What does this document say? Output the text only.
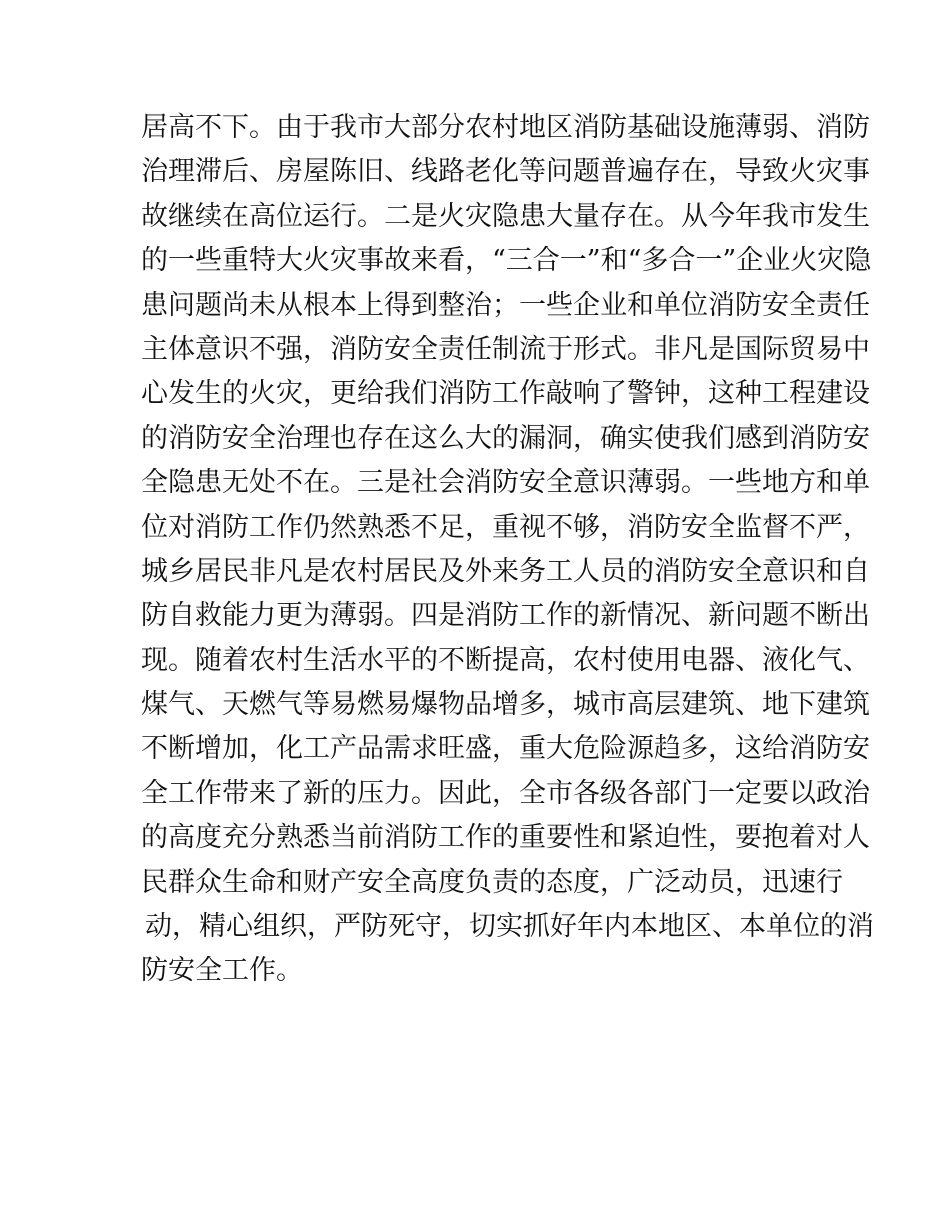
居高不下。由于我市大部分农村地区消防基础设施薄弱、消防

治理滞后、房屋陈旧、线路老化等问题普遍存在，导致火灾事

故继续在高位运行。二是火灾隐患大量存在。从今年我市发生

的一些重特大火灾事故来看，“三合一”和“多合一”企业火灾隐

患问题尚未从根本上得到整治；一些企业和单位消防安全责任

主体意识不强，消防安全责任制流于形式。非凡是国际贸易中

心发生的火灾，更给我们消防工作敲响了警钟，这种工程建设

的消防安全治理也存在这么大的漏洞，确实使我们感到消防安

全隐患无处不在。三是社会消防安全意识薄弱。一些地方和单

位对消防工作仍然熟悉不足，重视不够，消防安全监督不严，

城乡居民非凡是农村居民及外来务工人员的消防安全意识和自

防自救能力更为薄弱。四是消防工作的新情况、新问题不断出

现。随着农村生活水平的不断提高，农村使用电器、液化气、

煤气、天燃气等易燃易爆物品增多，城市高层建筑、地下建筑

不断增加，化工产品需求旺盛，重大危险源趋多，这给消防安

全工作带来了新的压力。因此，全市各级各部门一定要以政治

的高度充分熟悉当前消防工作的重要性和紧迫性，要抱着对人

民群众生命和财产安全高度负责的态度，广泛动员，迅速行

动，精心组织，严防死守，切实抓好年内本地区、本单位的消

防安全工作。
